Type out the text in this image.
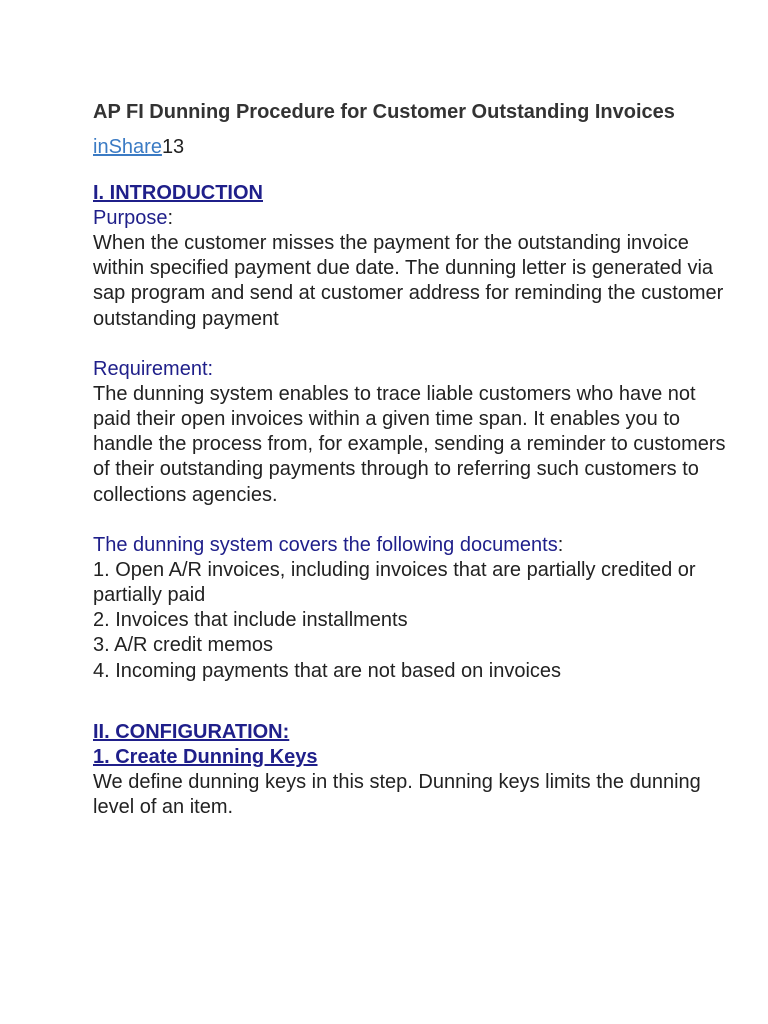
AP FI Dunning Procedure for Customer Outstanding Invoices
inShare13
I. INTRODUCTION

Purpose:

When the customer misses the payment for the outstanding invoice within specified payment due date. The dunning letter is generated via sap program and send at customer address for reminding the customer outstanding payment

Requirement:

The dunning system enables to trace liable customers who have not paid their open invoices within a given time span. It enables you to handle the process from, for example, sending a reminder to customers of their outstanding payments through to referring such customers to collections agencies.

The dunning system covers the following documents:

1. Open A/R invoices, including invoices that are partially credited or partially paid

2. Invoices that include installments

3. A/R credit memos

4. Incoming payments that are not based on invoices

II. CONFIGURATION:
1. Create Dunning Keys

We define dunning keys in this step. Dunning keys limits the dunning level of an item.
